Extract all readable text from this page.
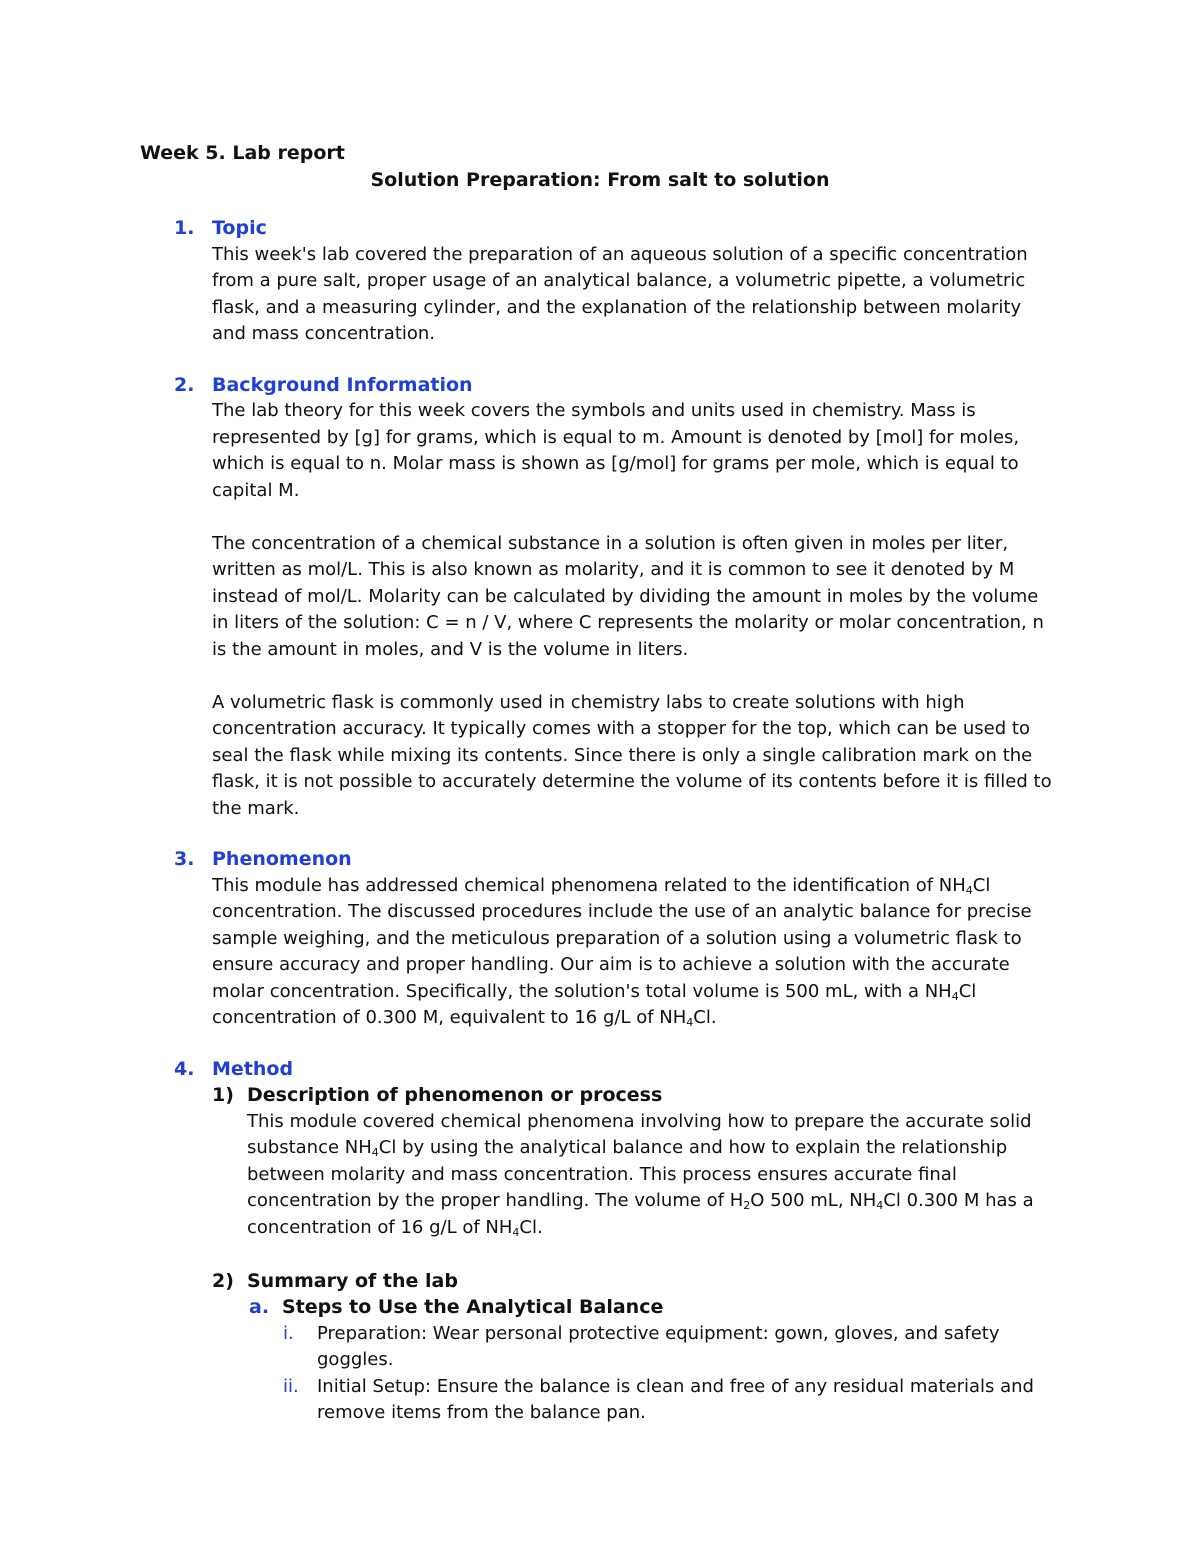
Week 5. Lab report

Solution Preparation: From salt to solution

1. Topic

This week's lab covered the preparation of an aqueous solution of a specific concentration from a pure salt, proper usage of an analytical balance, a volumetric pipette, a volumetric flask, and a measuring cylinder, and the explanation of the relationship between molarity and mass concentration.

2. Background Information

The lab theory for this week covers the symbols and units used in chemistry. Mass is represented by [g] for grams, which is equal to m. Amount is denoted by [mol] for moles, which is equal to n. Molar mass is shown as [g/mol] for grams per mole, which is equal to capital M.

The concentration of a chemical substance in a solution is often given in moles per liter, written as mol/L. This is also known as molarity, and it is common to see it denoted by M instead of mol/L. Molarity can be calculated by dividing the amount in moles by the volume in liters of the solution: C = n / V, where C represents the molarity or molar concentration, n is the amount in moles, and V is the volume in liters.

A volumetric flask is commonly used in chemistry labs to create solutions with high concentration accuracy. It typically comes with a stopper for the top, which can be used to seal the flask while mixing its contents. Since there is only a single calibration mark on the flask, it is not possible to accurately determine the volume of its contents before it is filled to the mark.

3. Phenomenon

This module has addressed chemical phenomena related to the identification of $NH_4Cl$ concentration. The discussed procedures include the use of an analytic balance for precise sample weighing, and the meticulous preparation of a solution using a volumetric flask to ensure accuracy and proper handling. Our aim is to achieve a solution with the accurate molar concentration. Specifically, the solution's total volume is 500 mL, with a $NH_4Cl$ concentration of 0.300 M, equivalent to 16 g/L of $NH_4Cl$.

4. Method

1) Description of phenomenon or process

This module covered chemical phenomena involving how to prepare the accurate solid substance $NH_4Cl$ by using the analytical balance and how to explain the relationship between molarity and mass concentration. This process ensures accurate final concentration by the proper handling. The volume of $H_2O$ 500 mL, $NH_4Cl$ 0.300 M has a concentration of 16 g/L of $NH_4Cl$.

2) Summary of the lab

a. Steps to Use the Analytical Balance

i. Preparation: Wear personal protective equipment: gown, gloves, and safety goggles.

ii. Initial Setup: Ensure the balance is clean and free of any residual materials and remove items from the balance pan.
